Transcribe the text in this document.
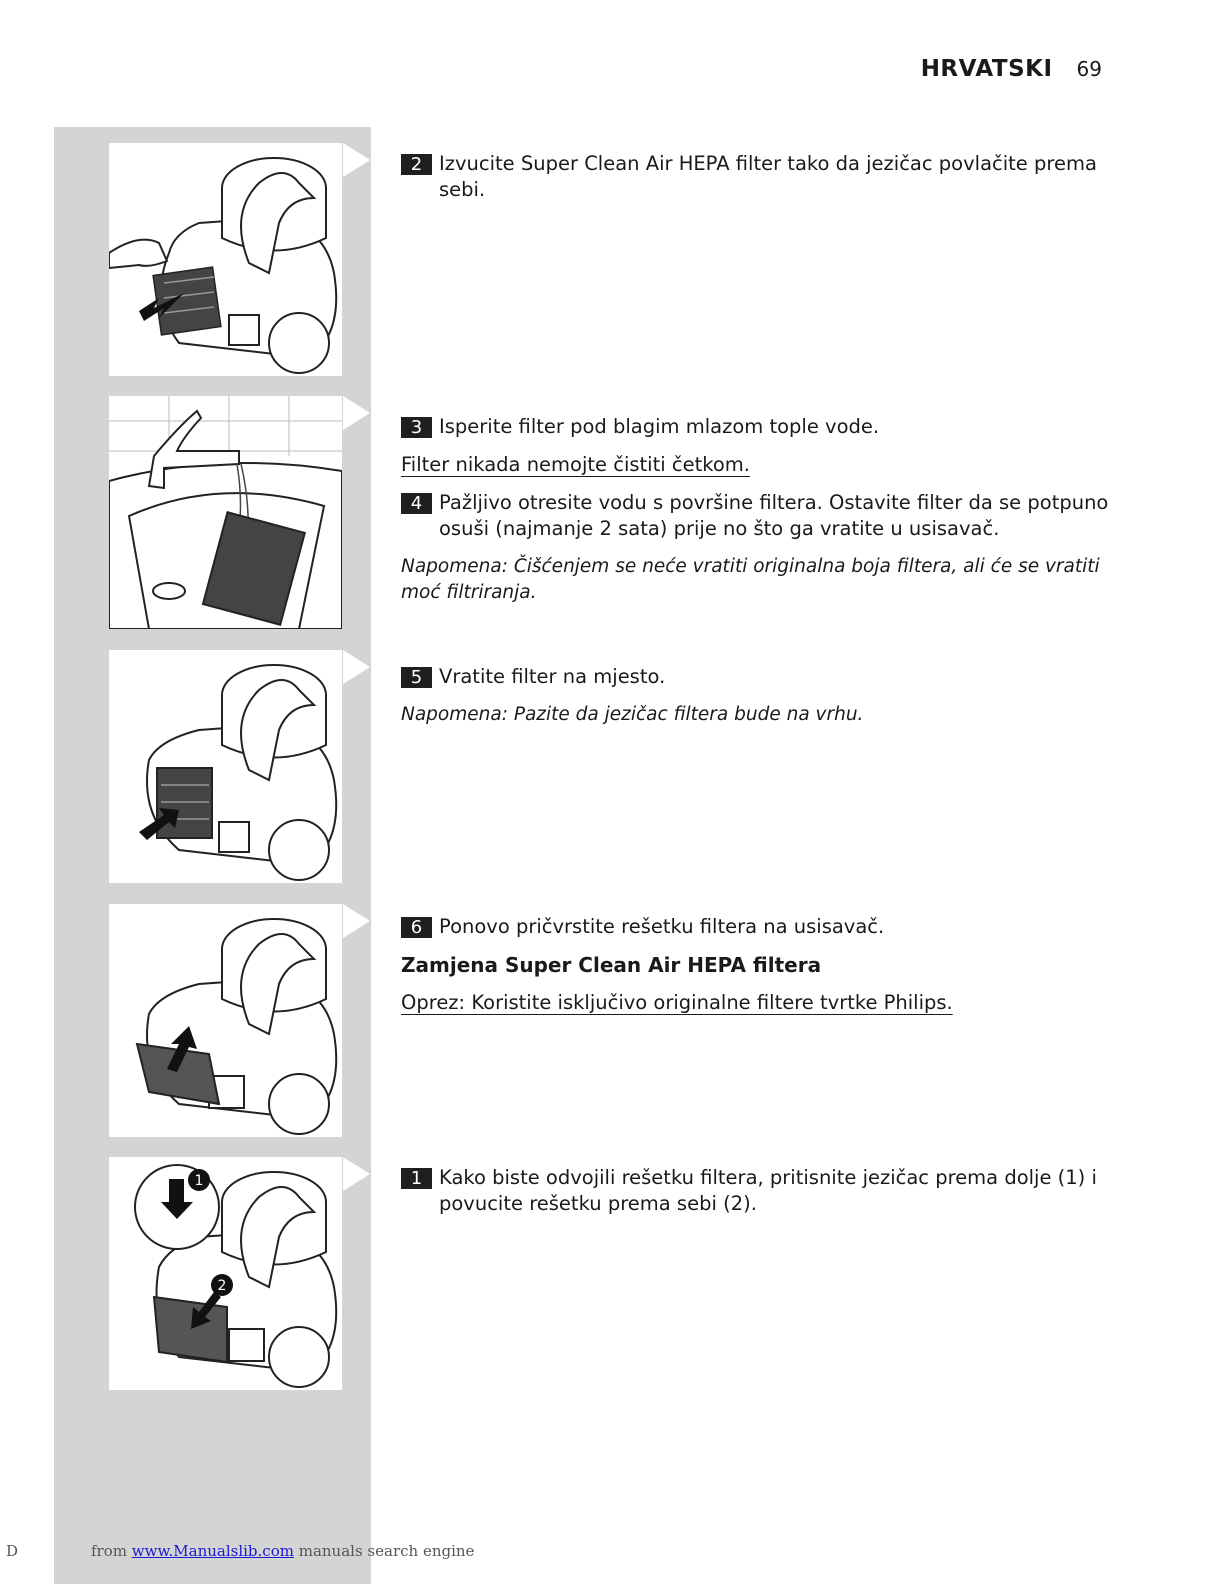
HRVATSKI 69
1
2
2 Izvucite Super Clean Air HEPA filter tako da jezičac povlačite prema sebi.
3 Isperite filter pod blagim mlazom tople vode.
Filter nikada nemojte čistiti četkom.
4 Pažljivo otresite vodu s površine filtera. Ostavite filter da se potpuno osuši (najmanje 2 sata) prije no što ga vratite u usisavač.
Napomena: Čišćenjem se neće vratiti originalna boja filtera, ali će se vratiti moć filtriranja.
5 Vratite filter na mjesto.
Napomena: Pazite da jezičac filtera bude na vrhu.
6 Ponovo pričvrstite rešetku filtera na usisavač.
Zamjena Super Clean Air HEPA filtera
Oprez: Koristite isključivo originalne filtere tvrtke Philips.
1 Kako biste odvojili rešetku filtera, pritisnite jezičac prema dolje (1) i povucite rešetku prema sebi (2).
D	from www.Manualslib.com manuals search engine
